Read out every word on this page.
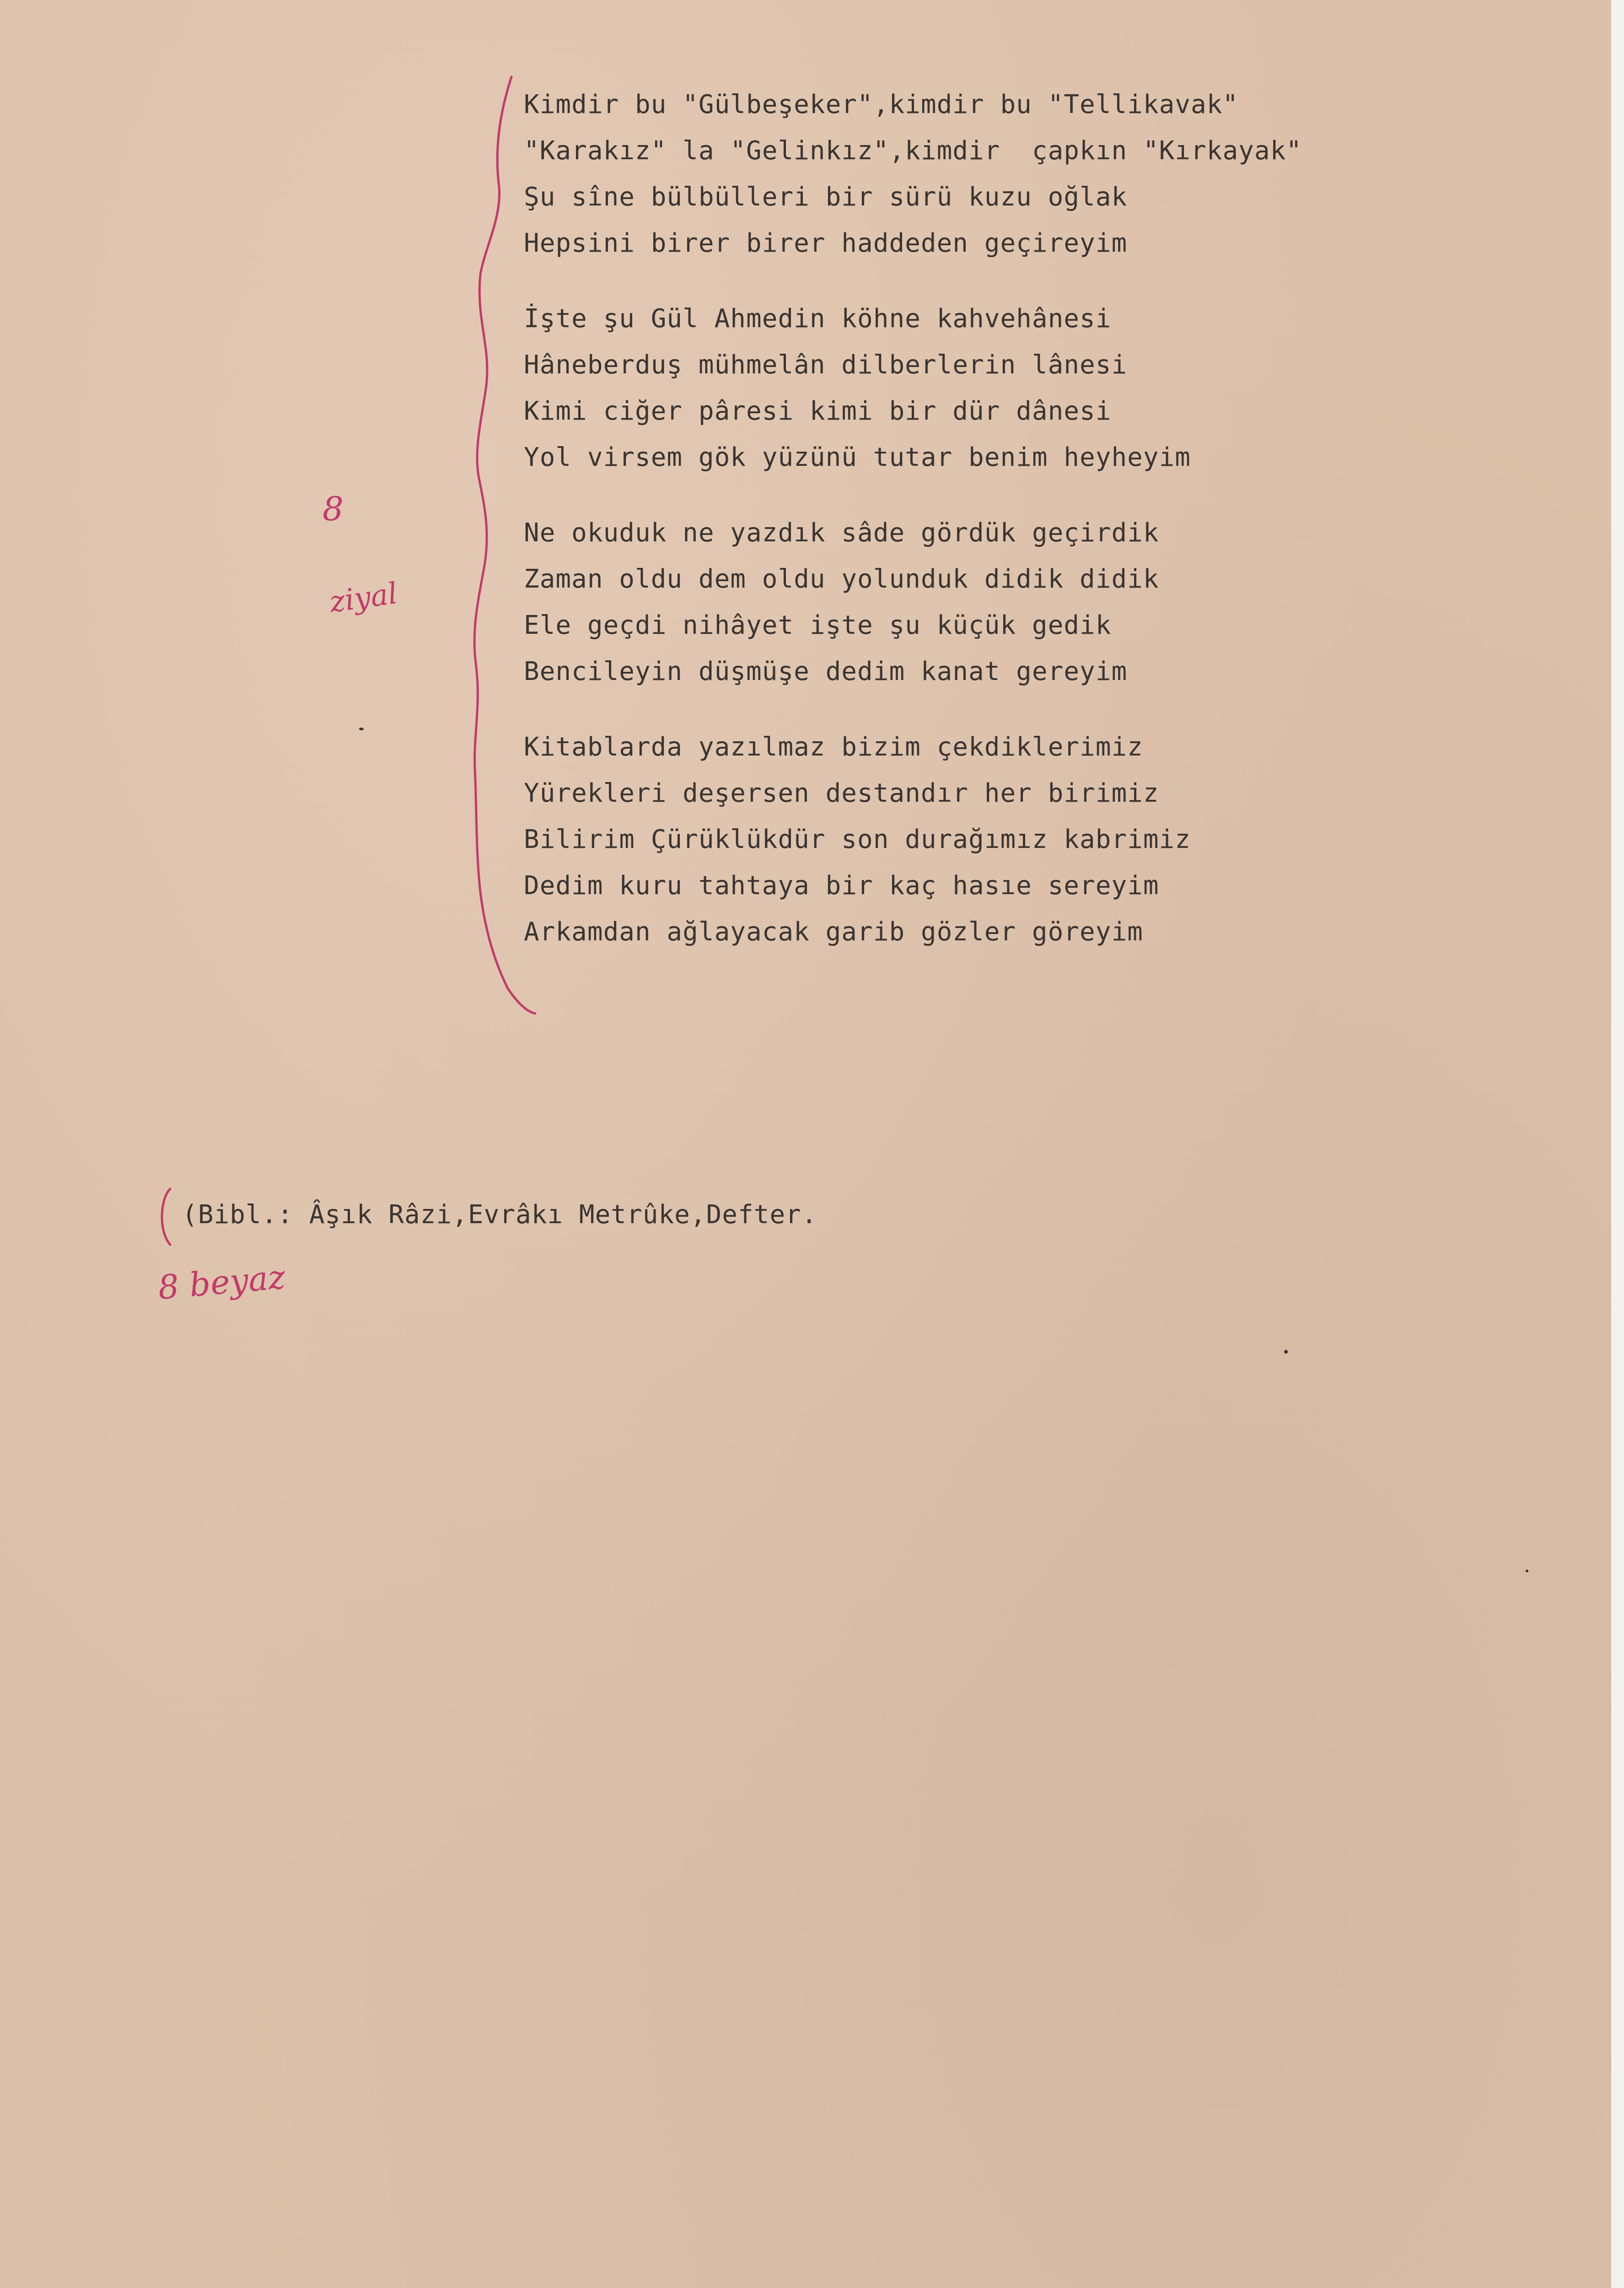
Kimdir bu "Gülbeşeker",kimdir bu "Tellikavak"
"Karakız" la "Gelinkız",kimdir  çapkın "Kırkayak"
Şu sîne bülbülleri bir sürü kuzu oğlak
Hepsini birer birer haddeden geçireyim
İşte şu Gül Ahmedin köhne kahvehânesi
Hâneberduş mühmelân dilberlerin lânesi
Kimi ciğer pâresi kimi bir dür dânesi
Yol virsem gök yüzünü tutar benim heyheyim
Ne okuduk ne yazdık sâde gördük geçirdik
Zaman oldu dem oldu yolunduk didik didik
Ele geçdi nihâyet işte şu küçük gedik
Bencileyin düşmüşe dedim kanat gereyim
Kitablarda yazılmaz bizim çekdiklerimiz
Yürekleri deşersen destandır her birimiz
Bilirim Çürüklükdür son durağımız kabrimiz
Dedim kuru tahtaya bir kaç hasıe sereyim
Arkamdan ağlayacak garib gözler göreyim
8
ziyal
(Bibl.: Âşık Râzi,Evrâkı Metrûke,Defter.
8 beyaz
